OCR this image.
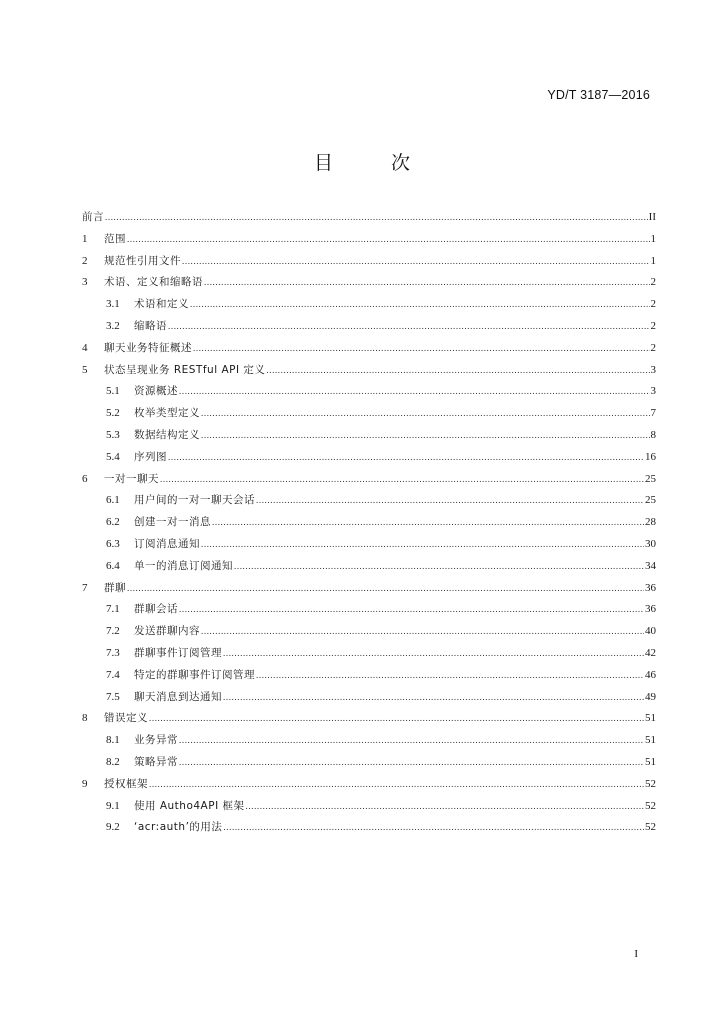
YD/T 3187—2016
目 次
前言 .....	II
1	范围 .....	1
2	规范性引用文件 .....	1
3	术语、定义和缩略语 .....	2
3.1	术语和定义 .....	2
3.2	缩略语 .....	2
4	聊天业务特征概述 .....	2
5	状态呈现业务 RESTful API 定义 .....	3
5.1	资源概述 .....	3
5.2	枚举类型定义 .....	7
5.3	数据结构定义 .....	8
5.4	序列图 .....	16
6	一对一聊天 .....	25
6.1	用户间的一对一聊天会话 .....	25
6.2	创建一对一消息 .....	28
6.3	订阅消息通知 .....	30
6.4	单一的消息订阅通知 .....	34
7	群聊 .....	36
7.1	群聊会话 .....	36
7.2	发送群聊内容 .....	40
7.3	群聊事件订阅管理 .....	42
7.4	特定的群聊事件订阅管理 .....	46
7.5	聊天消息到达通知 .....	49
8	错误定义 .....	51
8.1	业务异常 .....	51
8.2	策略异常 .....	51
9	授权框架 .....	52
9.1	使用 Autho4API 框架 .....	52
9.2	‘acr:auth’的用法 .....	52
I
